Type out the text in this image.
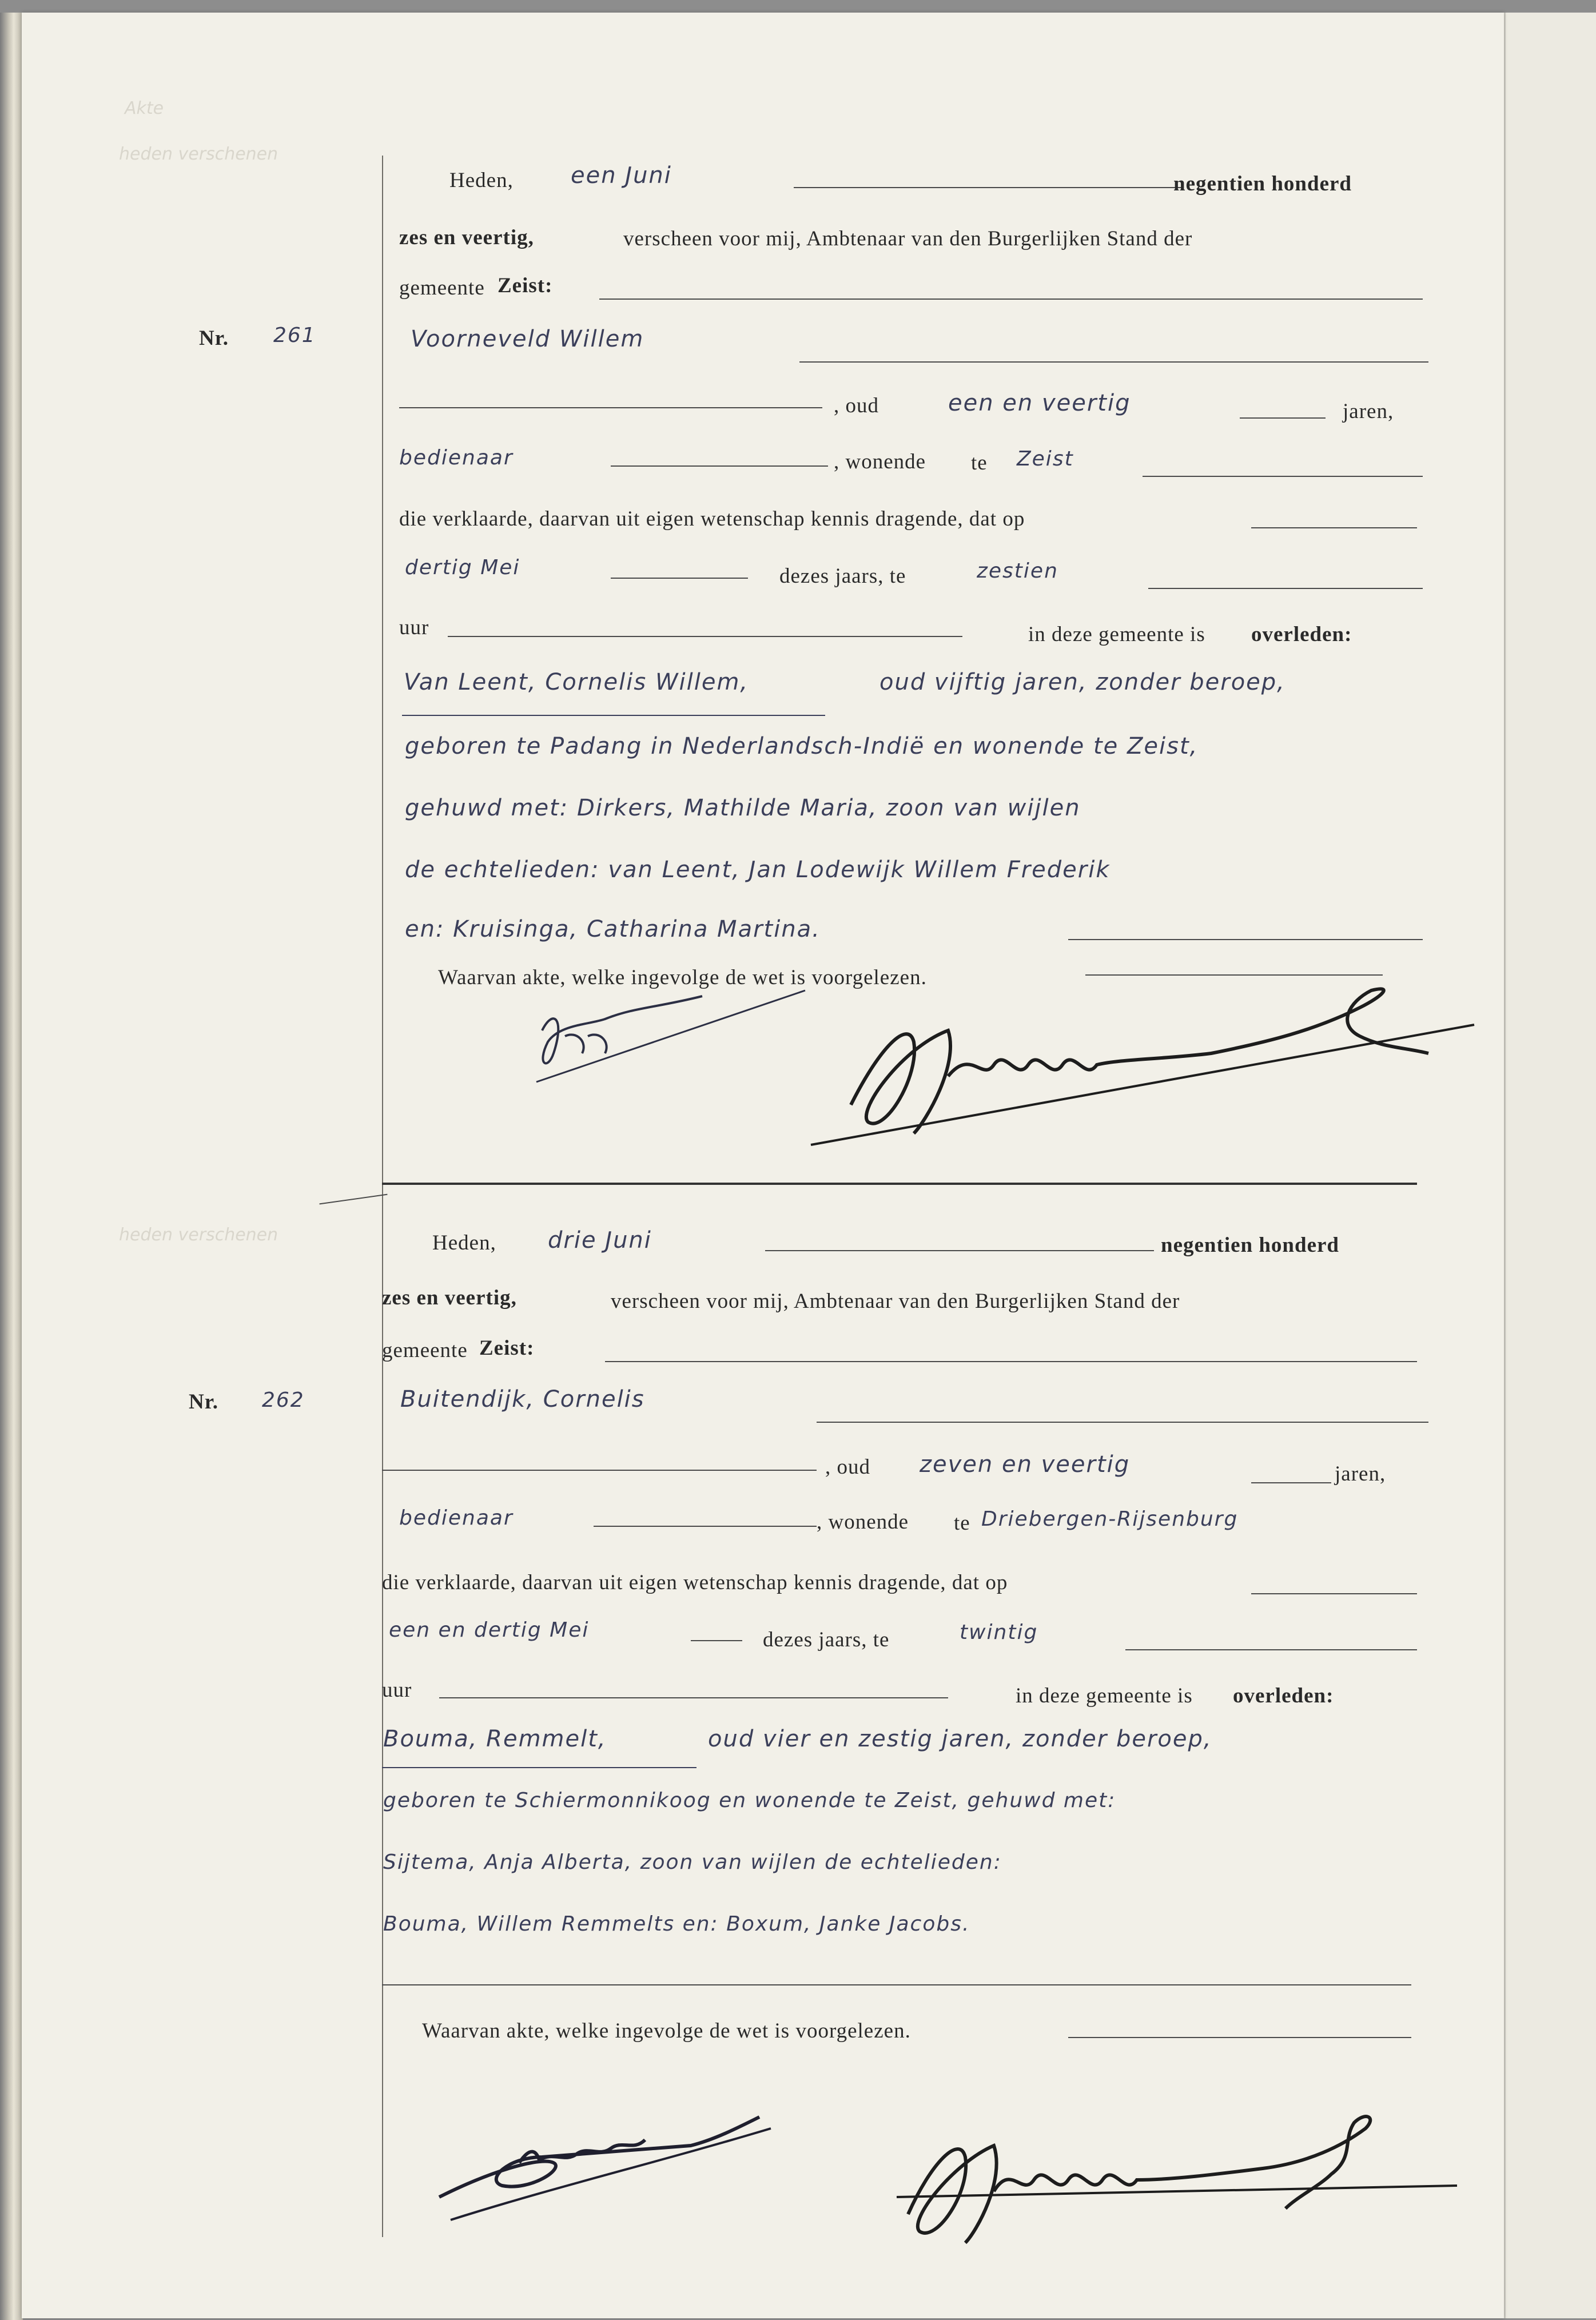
Akte
heden verschenen
heden verschenen
Heden,	een Juni	negentien honderd
zes en veertig,	verscheen voor mij, Ambtenaar van den Burgerlijken Stand der
gemeente Zeist:
Nr. 261	Voorneveld Willem
, oud	een en veertig	jaren,
bedienaar	, wonende te Zeist
die verklaarde, daarvan uit eigen wetenschap kennis dragende, dat op
dertig Mei	dezes jaars, te	zestien
uur	in deze gemeente is overleden:
Van Leent, Cornelis Willem,	oud vijftig jaren, zonder beroep,
geboren te Padang in Nederlandsch-Indië en wonende te Zeist,
gehuwd met: Dirkers, Mathilde Maria, zoon van wijlen
de echtelieden: van Leent, Jan Lodewijk Willem Frederik
en: Kruisinga, Catharina Martina.
Waarvan akte, welke ingevolge de wet is voorgelezen.
Heden, drie Juni	negentien honderd
zes en veertig,	verscheen voor mij, Ambtenaar van den Burgerlijken Stand der
gemeente Zeist:
Nr. 262	Buitendijk, Cornelis
, oud zeven en veertig	jaren,
bedienaar	, wonende te Driebergen-Rijsenburg
die verklaarde, daarvan uit eigen wetenschap kennis dragende, dat op
een en dertig Mei	dezes jaars, te	twintig
uur	in deze gemeente is overleden:
Bouma, Remmelt,	oud vier en zestig jaren, zonder beroep,
geboren te Schiermonnikoog en wonende te Zeist, gehuwd met:
Sijtema, Anja Alberta, zoon van wijlen de echtelieden:
Bouma, Willem Remmelts en: Boxum, Janke Jacobs.
Waarvan akte, welke ingevolge de wet is voorgelezen.
